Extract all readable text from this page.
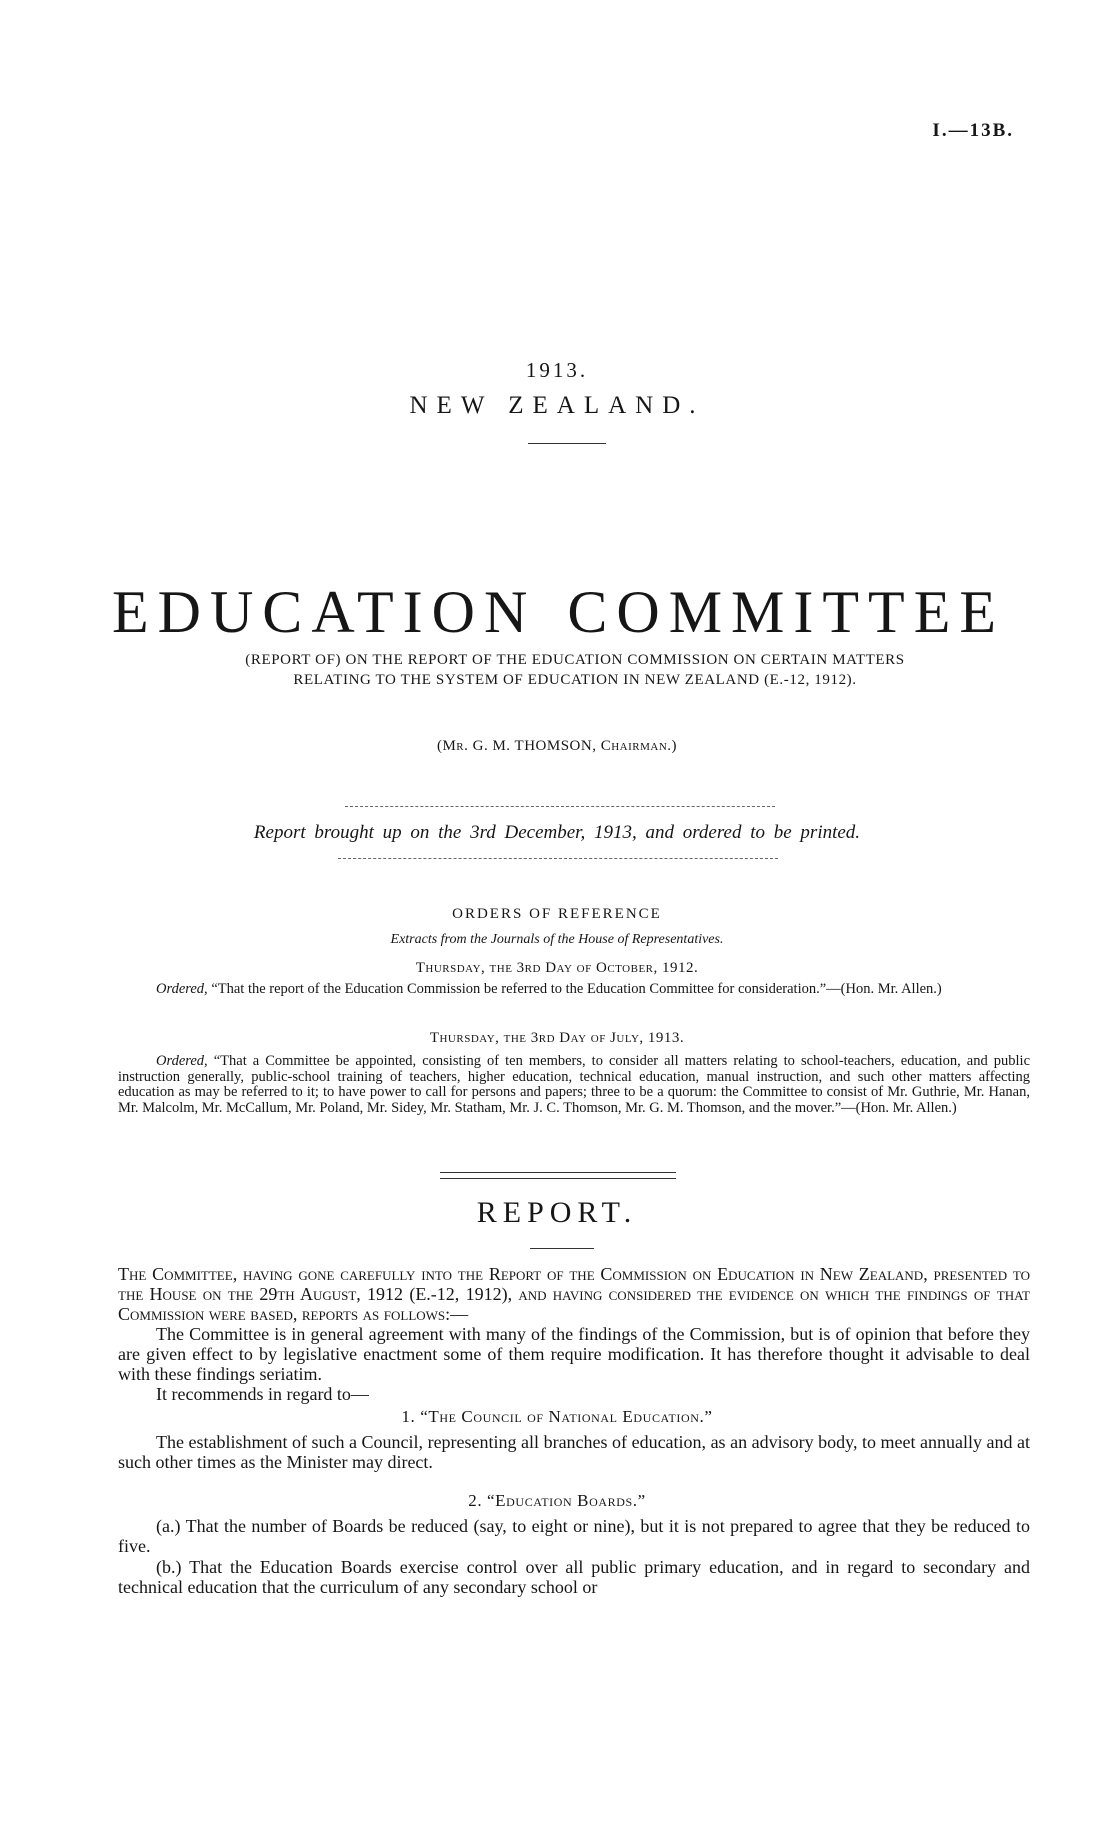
I.—13B.
1913.
NEW ZEALAND.
EDUCATION COMMITTEE
(REPORT OF) ON THE REPORT OF THE EDUCATION COMMISSION ON CERTAIN MATTERS
RELATING TO THE SYSTEM OF EDUCATION IN NEW ZEALAND (E.-12, 1912).
(Mr. G. M. THOMSON, Chairman.)
Report brought up on the 3rd December, 1913, and ordered to be printed.
ORDERS OF REFERENCE
Extracts from the Journals of the House of Representatives.
Thursday, the 3rd Day of October, 1912.

Ordered, “That the report of the Education Commission be referred to the Education Committee for consideration.”—(Hon. Mr. Allen.)

Thursday, the 3rd Day of July, 1913.

Ordered, “That a Committee be appointed, consisting of ten members, to consider all matters relating to school-teachers, education, and public instruction generally, public-school training of teachers, higher education, technical education, manual instruction, and such other matters affecting education as may be referred to it; to have power to call for persons and papers; three to be a quorum: the Committee to consist of Mr. Guthrie, Mr. Hanan, Mr. Malcolm, Mr. McCallum, Mr. Poland, Mr. Sidey, Mr. Statham, Mr. J. C. Thomson, Mr. G. M. Thomson, and the mover.”—(Hon. Mr. Allen.)

REPORT.

The Committee, having gone carefully into the Report of the Commission on Education in New Zealand, presented to the House on the 29th August, 1912 (E.-12, 1912), and having considered the evidence on which the findings of that Commission were based, reports as follows:—

The Committee is in general agreement with many of the findings of the Commission, but is of opinion that before they are given effect to by legislative enactment some of them require modification. It has therefore thought it advisable to deal with these findings seriatim.

It recommends in regard to—

1. “The Council of National Education.”
The establishment of such a Council, representing all branches of education, as an advisory body, to meet annually and at such other times as the Minister may direct.
2. “Education Boards.”
(a.) That the number of Boards be reduced (say, to eight or nine), but it is not prepared to agree that they be reduced to five.
(b.) That the Education Boards exercise control over all public primary education, and in regard to secondary and technical education that the curriculum of any secondary school or
